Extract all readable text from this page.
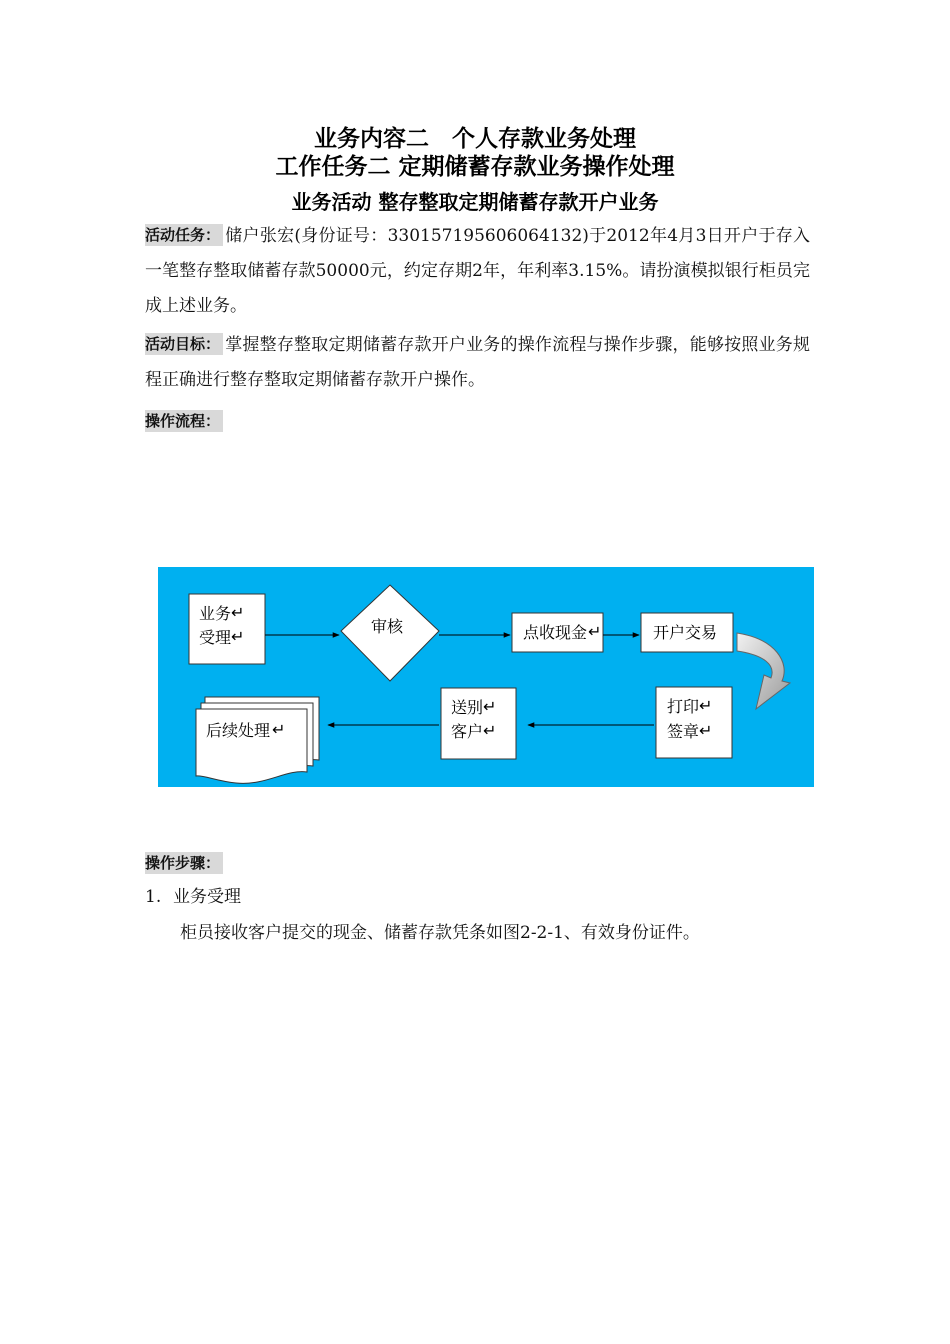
业务内容二　个人存款业务处理
工作任务二 定期储蓄存款业务操作处理
业务活动 整存整取定期储蓄存款开户业务
活动任务： 储户张宏(身份证号：330157195606064132)于2012年4月3日开户于存入一笔整存整取储蓄存款50000元，约定存期2年，年利率3.15%。请扮演模拟银行柜员完成上述业务。
活动目标： 掌握整存整取定期储蓄存款开户业务的操作流程与操作步骤，能够按照业务规程正确进行整存整取定期储蓄存款开户操作。
操作流程：
业务 ↵
受理 ↵
审核	点收现金 ↵	开户交易
打印 ↵
签章 ↵
送别 ↵
客户 ↵
后续处理 ↵
操作步骤：
1. 业务受理
柜员接收客户提交的现金、储蓄存款凭条如图2-2-1、有效身份证件。
